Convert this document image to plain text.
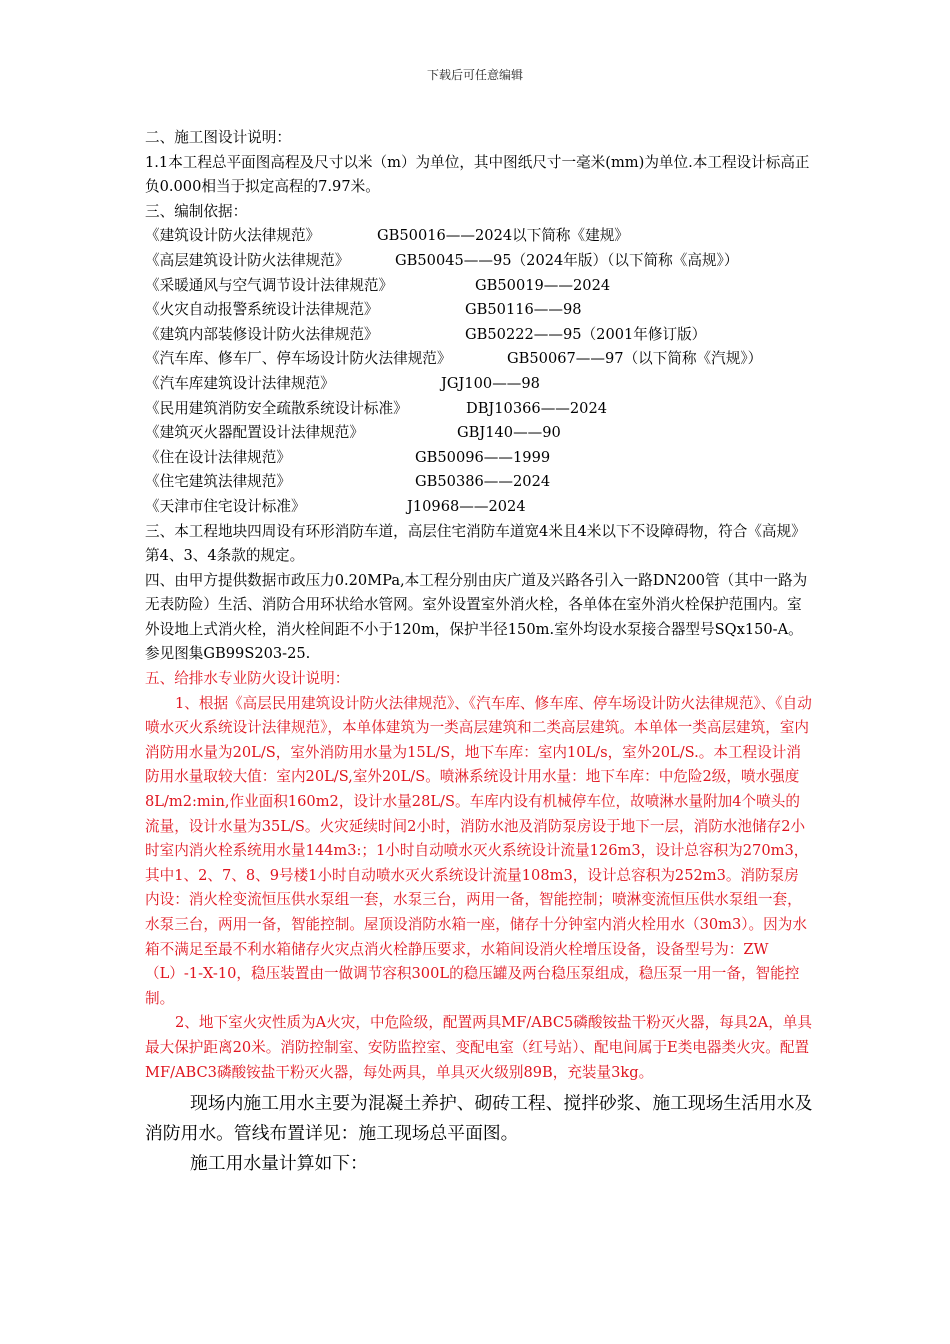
下载后可任意编辑
二、施工图设计说明：
1.1本工程总平面图高程及尺寸以米（m）为单位，其中图纸尺寸一毫米(mm)为单位.本工程设计标高正负0.000相当于拟定高程的7.97米。
三、编制依据：
《建筑设计防火法律规范》	GB50016——2024以下简称《建规》
《高层建筑设计防火法律规范》	GB50045——95（2024年版）（以下简称《高规》）
《采暖通风与空气调节设计法律规范》	GB50019——2024
《火灾自动报警系统设计法律规范》	GB50116——98
《建筑内部装修设计防火法律规范》	GB50222——95（2001年修订版）
《汽车库、修车厂、停车场设计防火法律规范》	GB50067——97（以下简称《汽规》）
《汽车库建筑设计法律规范》	JGJ100——98
《民用建筑消防安全疏散系统设计标准》	DBJ10366——2024
《建筑灭火器配置设计法律规范》	GBJ140——90
《住在设计法律规范》	GB50096——1999
《住宅建筑法律规范》	GB50386——2024
《天津市住宅设计标准》	J10968——2024
三、本工程地块四周设有环形消防车道，高层住宅消防车道宽4米且4米以下不设障碍物，符合《高规》第4、3、4条款的规定。
四、由甲方提供数据市政压力0.20MPa,本工程分别由庆广道及兴路各引入一路DN200管（其中一路为无表防险）生活、消防合用环状给水管网。室外设置室外消火栓，各单体在室外消火栓保护范围内。室外设地上式消火栓，消火栓间距不小于120m，保护半径150m.室外均设水泵接合器型号SQx150-A。参见图集GB99S203-25.
五、给排水专业防火设计说明：
1、根据《高层民用建筑设计防火法律规范》、《汽车库、修车库、停车场设计防火法律规范》、《自动喷水灭火系统设计法律规范》，本单体建筑为一类高层建筑和二类高层建筑。本单体一类高层建筑，室内消防用水量为20L/S，室外消防用水量为15L/S，地下车库：室内10L/s，室外20L/S.。本工程设计消防用水量取较大值：室内20L/S,室外20L/S。喷淋系统设计用水量：地下车库：中危险2级，喷水强度8L/m2:min,作业面积160m2，设计水量28L/S。车库内设有机械停车位，故喷淋水量附加4个喷头的流量，设计水量为35L/S。火灾延续时间2小时，消防水池及消防泵房设于地下一层，消防水池储存2小时室内消火栓系统用水量144m3:；1小时自动喷水灭火系统设计流量126m3，设计总容积为270m3，其中1、2、7、8、9号楼1小时自动喷水灭火系统设计流量108m3，设计总容积为252m3。消防泵房内设：消火栓变流恒压供水泵组一套，水泵三台，两用一备，智能控制；喷淋变流恒压供水泵组一套，水泵三台，两用一备，智能控制。屋顶设消防水箱一座，储存十分钟室内消火栓用水（30m3）。因为水箱不满足至最不利水箱储存火灾点消火栓静压要求，水箱间设消火栓增压设备，设备型号为：ZW（L）-1-X-10，稳压装置由一做调节容积300L的稳压罐及两台稳压泵组成，稳压泵一用一备，智能控制。
2、地下室火灾性质为A火灾，中危险级，配置两具MF/ABC5磷酸铵盐干粉灭火器，每具2A，单具最大保护距离20米。消防控制室、安防监控室、变配电室（红号站）、配电间属于E类电器类火灾。配置MF/ABC3磷酸铵盐干粉灭火器，每处两具，单具灭火级别89B，充装量3kg。
现场内施工用水主要为混凝土养护、砌砖工程、搅拌砂浆、施工现场生活用水及消防用水。管线布置详见：施工现场总平面图。
施工用水量计算如下：
